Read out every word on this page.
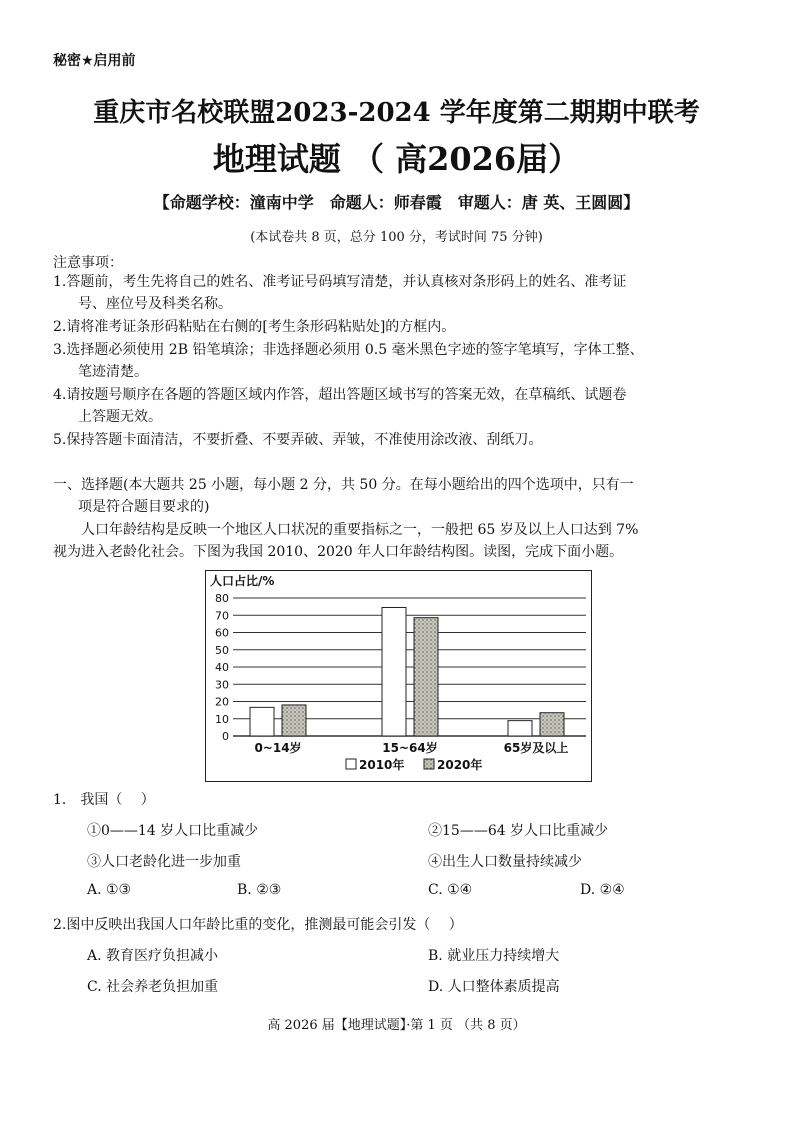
秘密★启用前
重庆市名校联盟2023-2024 学年度第二期期中联考
地理试题 （ 高2026届）
【命题学校：潼南中学　命题人：师春霞　审题人：唐 英、王圆圆】
(本试卷共 8 页，总分 100 分，考试时间 75 分钟)
注意事项：
1.答题前，考生先将自己的姓名、准考证号码填写清楚，并认真核对条形码上的姓名、准考证
号、座位号及科类名称。
2.请将准考证条形码粘贴在右侧的[考生条形码粘贴处]的方框内。
3.选择题必须使用 2B 铅笔填涂；非选择题必须用 0.5 毫米黑色字迹的签字笔填写，字体工整、
笔迹清楚。
4.请按题号顺序在各题的答题区域内作答，超出答题区域书写的答案无效，在草稿纸、试题卷
上答题无效。
5.保持答题卡面清洁，不要折叠、不要弄破、弄皱，不准使用涂改液、刮纸刀。
一、选择题(本大题共 25 小题，每小题 2 分，共 50 分。在每小题给出的四个选项中，只有一
项是符合题目要求的)
人口年龄结构是反映一个地区人口状况的重要指标之一，一般把 65 岁及以上人口达到 7%
视为进入老龄化社会。下图为我国 2010、2020 年人口年龄结构图。读图，完成下面小题。
人口占比/%
0
10
20
30
40
50
60
70
80
0~14岁	15~64岁	65岁及以上
2010年	2020年
1.　我国（　 ）
①0——14 岁人口比重减少	②15——64 岁人口比重减少
③人口老龄化进一步加重	④出生人口数量持续减少
A. ①③	B. ②③	C. ①④	D. ②④
2.图中反映出我国人口年龄比重的变化，推测最可能会引发（　 ）
A. 教育医疗负担减小	B. 就业压力持续增大
C. 社会养老负担加重	D. 人口整体素质提高
高 2026 届【地理试题】·第 1 页 （共 8 页）
